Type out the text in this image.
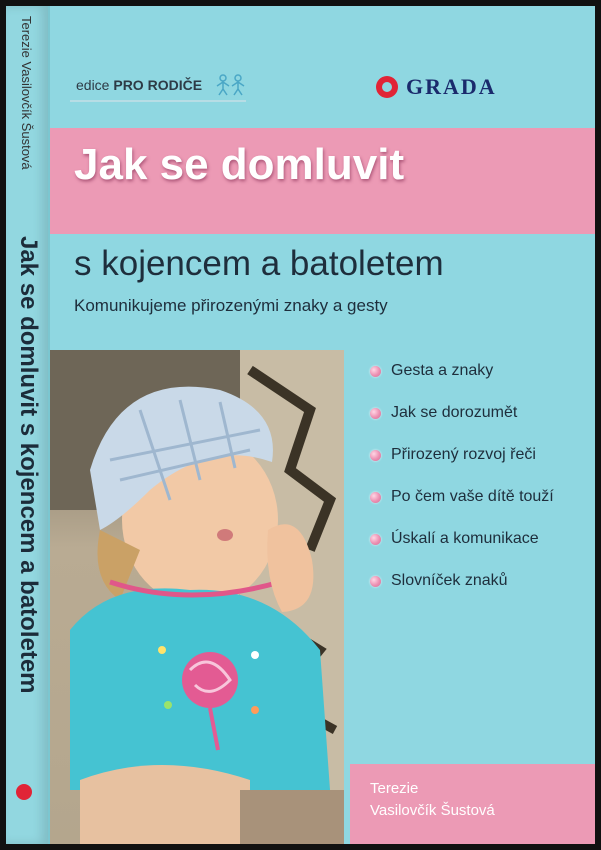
Terezie Vasilovčík Šustová
Jak se domluvit s kojencem a batoletem
edice PRO RODIČE	GRADA
Jak se domluvit
s kojencem a batoletem
Komunikujeme přirozenými znaky a gesty
Gesta a znaky
Jak se dorozumět
Přirozený rozvoj řeči
Po čem vaše dítě touží
Úskalí a komunikace
Slovníček znaků
Terezie
Vasilovčík Šustová
